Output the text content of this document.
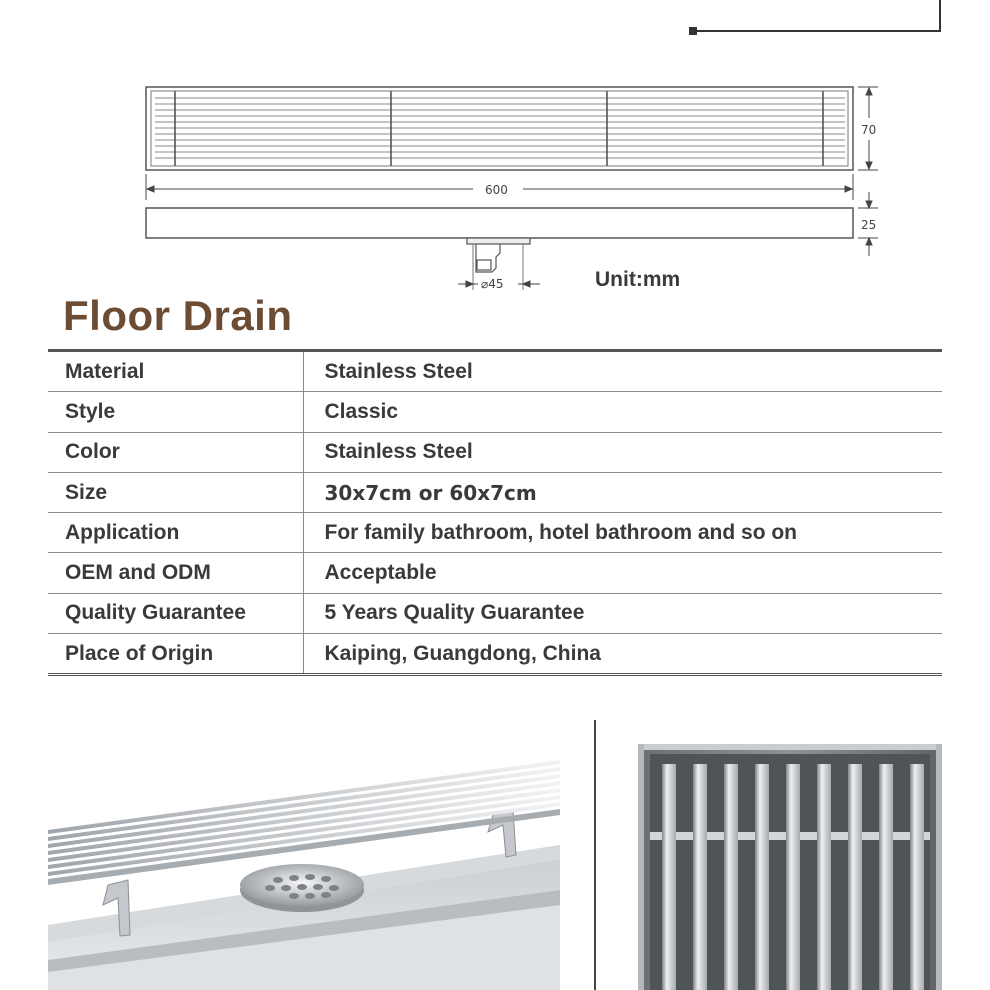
70
600
25
⌀45	Unit:mm
Floor Drain
Material	Stainless Steel
Style	Classic
Color	Stainless Steel
Size	30x7cm or 60x7cm
Application	For family bathroom, hotel bathroom and so on
OEM and ODM	Acceptable
Quality Guarantee	5 Years Quality Guarantee
Place of Origin	Kaiping, Guangdong, China
